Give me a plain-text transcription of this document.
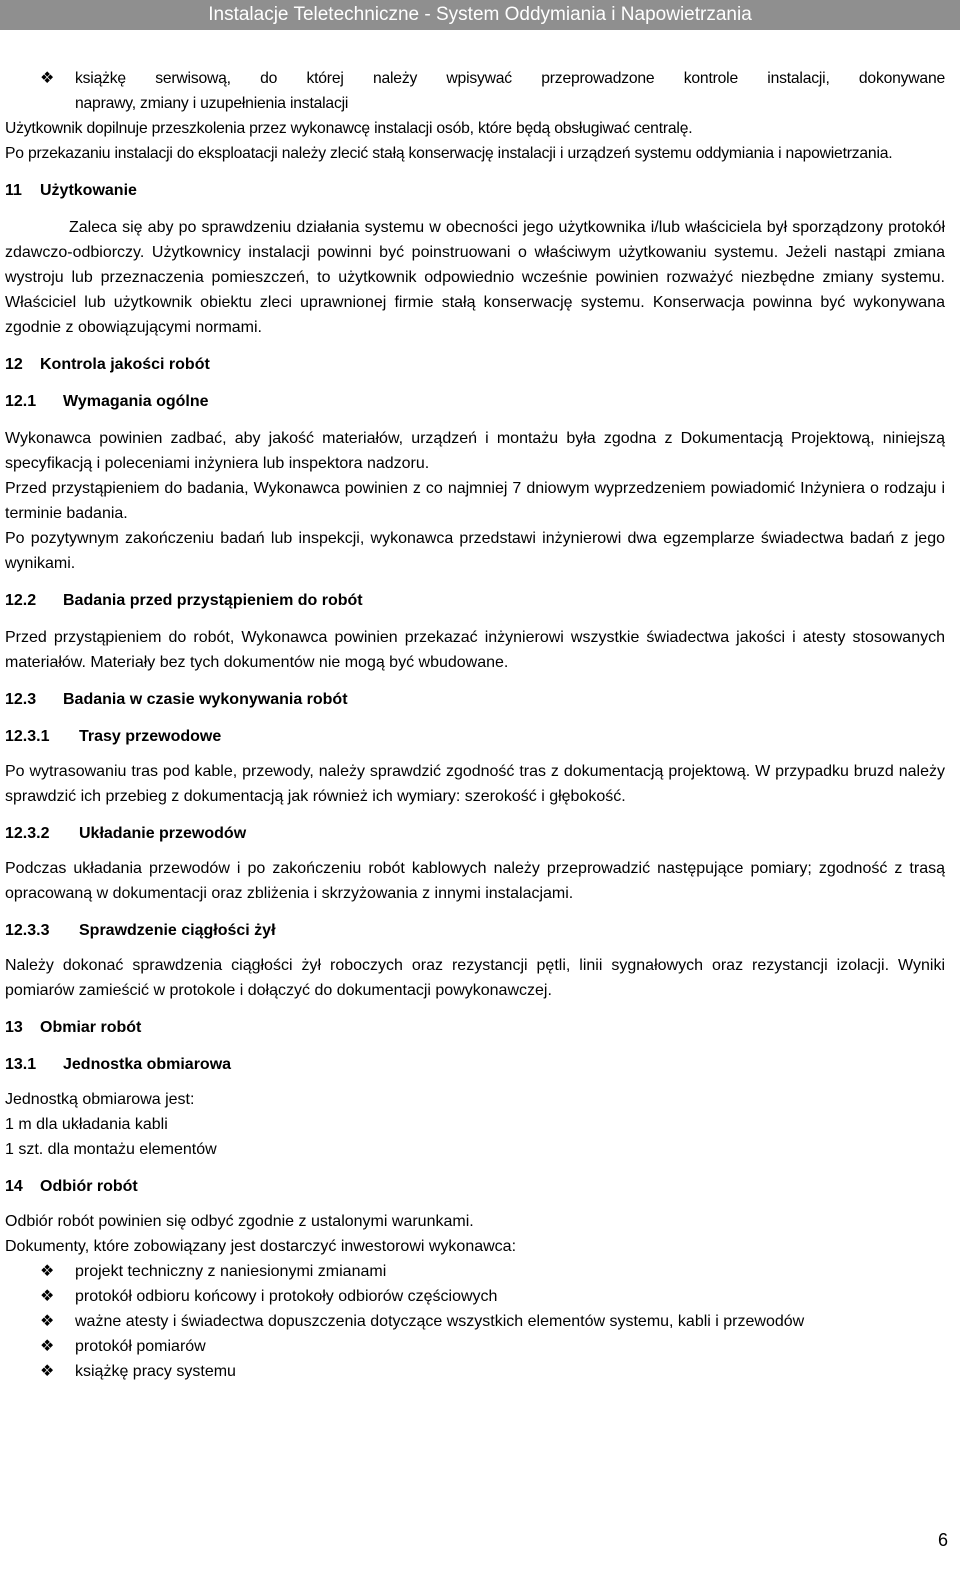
Instalacje Teletechniczne - System Oddymiania i Napowietrzania
❖ książkę serwisową, do której należy wpisywać przeprowadzone kontrole instalacji, dokonywane

naprawy, zmiany i uzupełnienia instalacji

Użytkownik dopilnuje przeszkolenia przez wykonawcę instalacji osób, które będą obsługiwać centralę.

Po przekazaniu instalacji do eksploatacji należy zlecić stałą konserwację instalacji i urządzeń systemu oddymiania i napowietrzania.

11 Użytkowanie

Zaleca się aby po sprawdzeniu działania systemu w obecności jego użytkownika i/lub właściciela był sporządzony protokół zdawczo-odbiorczy. Użytkownicy instalacji powinni być poinstruowani o właściwym użytkowaniu systemu. Jeżeli nastąpi zmiana wystroju lub przeznaczenia pomieszczeń, to użytkownik odpowiednio wcześnie powinien rozważyć niezbędne zmiany systemu. Właściciel lub użytkownik obiektu zleci uprawnionej firmie stałą konserwację systemu. Konserwacja powinna być wykonywana zgodnie z obowiązującymi normami.

12 Kontrola jakości robót
12.1 Wymagania ogólne

Wykonawca powinien zadbać, aby jakość materiałów, urządzeń i montażu była zgodna z Dokumentacją Projektową, niniejszą specyfikacją i poleceniami inżyniera lub inspektora nadzoru.

Przed przystąpieniem do badania, Wykonawca powinien z co najmniej 7 dniowym wyprzedzeniem powiadomić Inżyniera o rodzaju i terminie badania.

Po pozytywnym zakończeniu badań lub inspekcji, wykonawca przedstawi inżynierowi dwa egzemplarze świadectwa badań z jego wynikami.

12.2 Badania przed przystąpieniem do robót

Przed przystąpieniem do robót, Wykonawca powinien przekazać inżynierowi wszystkie świadectwa jakości i atesty stosowanych materiałów. Materiały bez tych dokumentów nie mogą być wbudowane.

12.3 Badania w czasie wykonywania robót
12.3.1 Trasy przewodowe

Po wytrasowaniu tras pod kable, przewody, należy sprawdzić zgodność tras z dokumentacją projektową. W przypadku bruzd należy sprawdzić ich przebieg z dokumentacją jak również ich wymiary: szerokość i głębokość.

12.3.2 Układanie przewodów

Podczas układania przewodów i po zakończeniu robót kablowych należy przeprowadzić następujące pomiary; zgodność z trasą opracowaną w dokumentacji oraz zbliżenia i skrzyżowania z innymi instalacjami.

12.3.3 Sprawdzenie ciągłości żył

Należy dokonać sprawdzenia ciągłości żył roboczych oraz rezystancji pętli, linii sygnałowych oraz rezystancji izolacji. Wyniki pomiarów zamieścić w protokole i dołączyć do dokumentacji powykonawczej.

13 Obmiar robót
13.1 Jednostka obmiarowa

Jednostką obmiarowa jest:

1 m dla układania kabli

1 szt. dla montażu elementów

14 Odbiór robót

Odbiór robót powinien się odbyć zgodnie z ustalonymi warunkami.

Dokumenty, które zobowiązany jest dostarczyć inwestorowi wykonawca:

❖ projekt techniczny z naniesionymi zmianami

❖ protokół odbioru końcowy i protokoły odbiorów częściowych

❖ ważne atesty i świadectwa dopuszczenia dotyczące wszystkich elementów systemu, kabli i przewodów

❖ protokół pomiarów

❖ książkę pracy systemu

6
